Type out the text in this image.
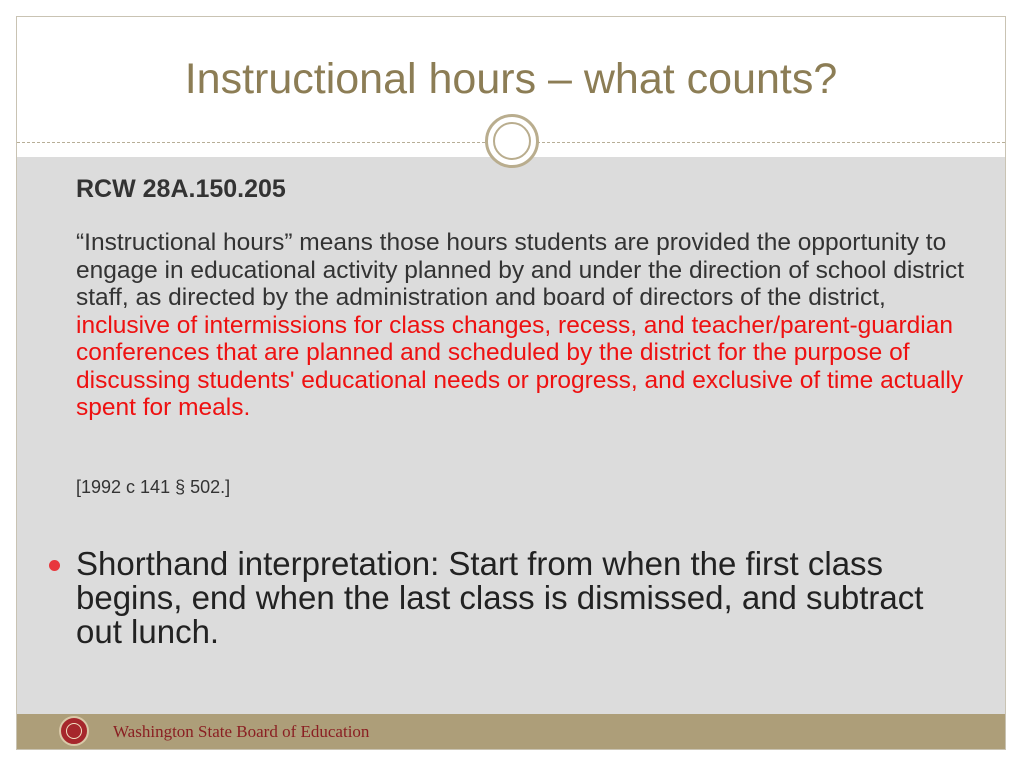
Instructional hours – what counts?

RCW 28A.150.205

“Instructional hours” means those hours students are provided the opportunity to engage in educational activity planned by and under the direction of school district staff, as directed by the administration and board of directors of the district, inclusive of intermissions for class changes, recess, and teacher/parent-guardian conferences that are planned and scheduled by the district for the purpose of discussing students' educational needs or progress, and exclusive of time actually spent for meals.

[1992 c 141 § 502.]

Shorthand interpretation: Start from when the first class begins, end when the last class is dismissed, and subtract out lunch.

Washington State Board of Education
